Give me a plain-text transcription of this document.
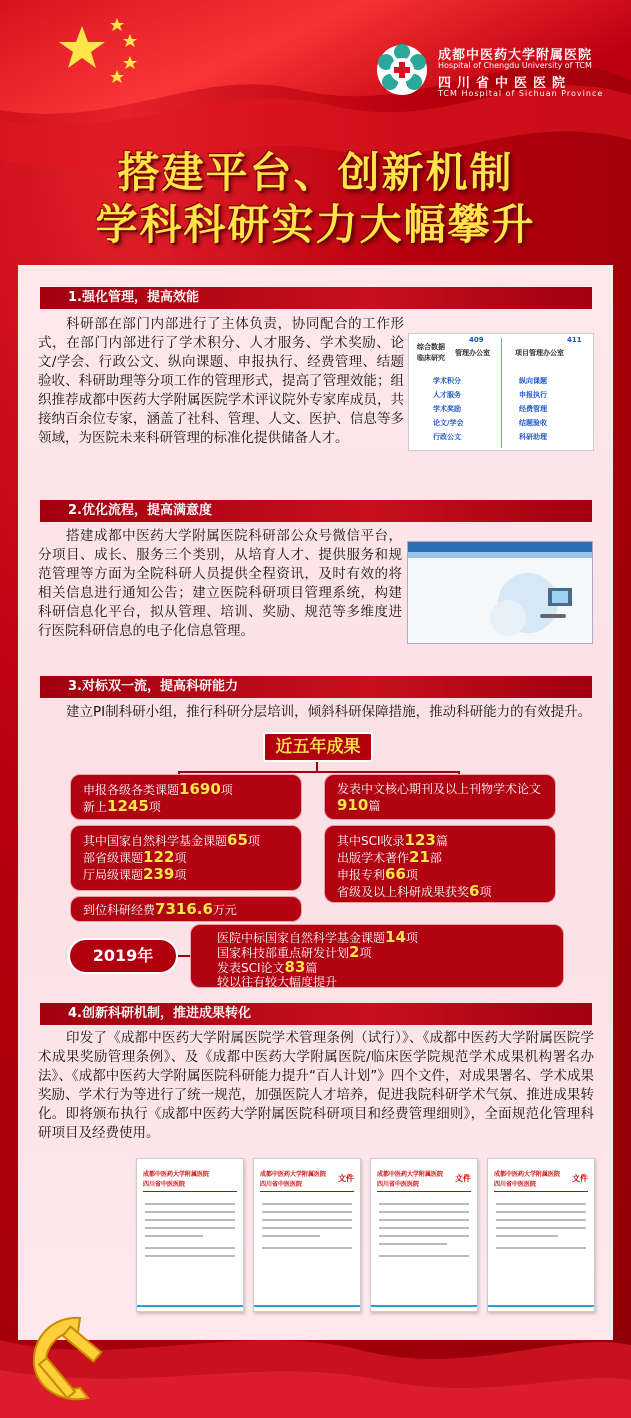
成都中医药大学附属医院
Hospital of Chengdu University of TCM
四川省中医医院
TCM Hospital of Sichuan Province
搭建平台、创新机制
学科科研实力大幅攀升
1.强化管理，提高效能
科研部在部门内部进行了主体负责，协同配合的工作形式，在部门内部进行了学术积分、人才服务、学术奖励、论文/学会、行政公文、纵向课题、申报执行、经费管理、结题验收、科研助理等分项工作的管理形式，提高了管理效能；组织推荐成都中医药大学附属医院学术评议院外专家库成员，共接纳百余位专家，涵盖了社科、管理、人文、医护、信息等多领域，为医院未来科研管理的标准化提供储备人才。
综合数据
临床研究
管理办公室
409
学术积分
人才服务
学术奖励
论文/学会
行政公文
项目管理办公室
411
纵向课题
申报执行
经费管理
结题验收
科研助理
2.优化流程，提高满意度
搭建成都中医药大学附属医院科研部公众号微信平台，分项目、成长、服务三个类别，从培育人才、提供服务和规范管理等方面为全院科研人员提供全程资讯，及时有效的将相关信息进行通知公告；建立医院科研项目管理系统，构建科研信息化平台，拟从管理、培训、奖励、规范等多维度进行医院科研信息的电子化信息管理。
3.对标双一流，提高科研能力
建立PI制科研小组，推行科研分层培训，倾斜科研保障措施，推动科研能力的有效提升。
近五年成果
申报各级各类课题1690项
新上1245项
其中国家自然科学基金课题65项
部省级课题122项
厅局级课题239项
到位科研经费7316.6万元
发表中文核心期刊及以上刊物学术论文910篇
其中SCI收录123篇
出版学术著作21部
申报专利66项
省级及以上科研成果获奖6项
2019年
医院中标国家自然科学基金课题14项
国家科技部重点研发计划2项
发表SCI论文83篇
较以往有较大幅度提升
4.创新科研机制，推进成果转化
印发了《成都中医药大学附属医院学术管理条例（试行）》、《成都中医药大学附属医院学术成果奖励管理条例》、及《成都中医药大学附属医院/临床医学院规范学术成果机构署名办法》、《成都中医药大学附属医院科研能力提升“百人计划”》四个文件，对成果署名、学术成果奖励、学术行为等进行了统一规范，加强医院人才培养，促进我院科研学术气氛、推进成果转化。即将颁布执行《成都中医药大学附属医院科研项目和经费管理细则》，全面规范化管理科研项目及经费使用。
成都中医药大学附属医院
四川省中医医院
成都中医药大学附属医院
四川省中医医院
文件	成都中医药大学附属医院
四川省中医医院
文件	成都中医药大学附属医院
四川省中医医院
文件
